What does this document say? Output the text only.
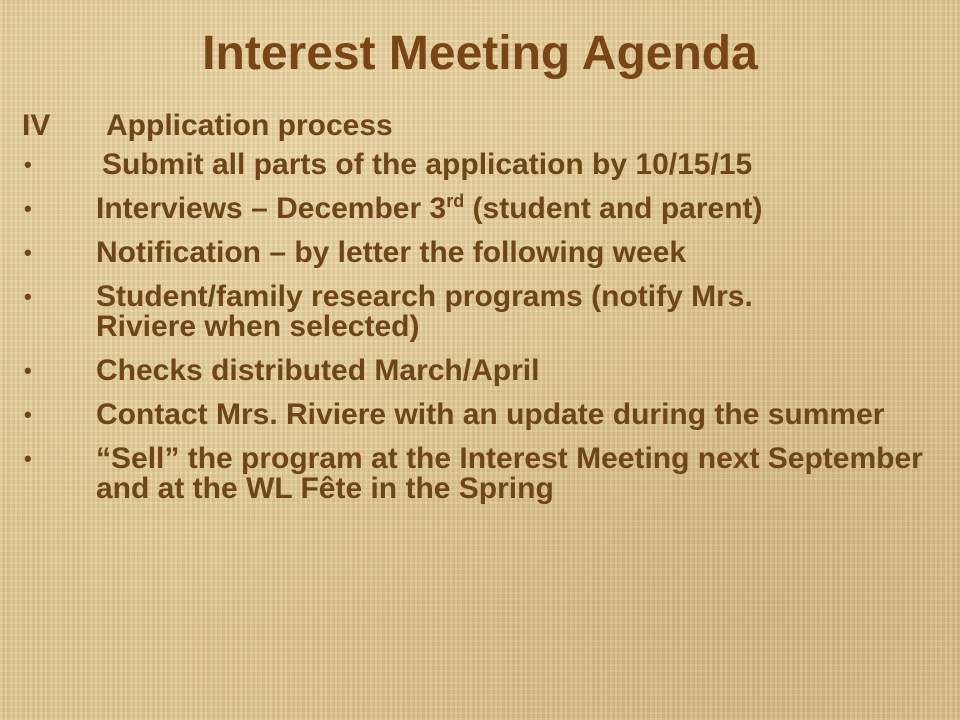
Interest Meeting Agenda
IV Application process
• Submit all parts of the application by 10/15/15
• Interviews – December 3rd (student and parent)
• Notification – by letter the following week
• Student/family research programs (notify Mrs. Riviere when selected)
• Checks distributed March/April
• Contact Mrs. Riviere with an update during the summer
• “Sell” the program at the Interest Meeting next September and at the WL Fête in the Spring
